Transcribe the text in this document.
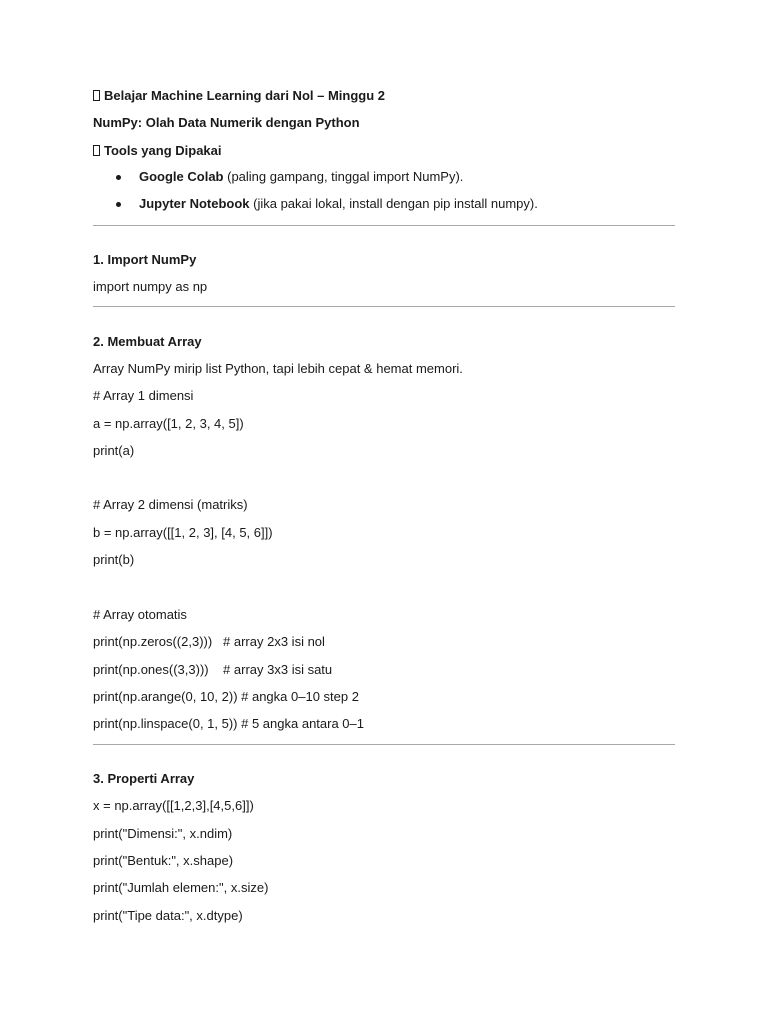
Belajar Machine Learning dari Nol – Minggu 2
NumPy: Olah Data Numerik dengan Python
Tools yang Dipakai
Google Colab (paling gampang, tinggal import NumPy).
Jupyter Notebook (jika pakai lokal, install dengan pip install numpy).
1. Import NumPy
import numpy as np
2. Membuat Array
Array NumPy mirip list Python, tapi lebih cepat & hemat memori.
# Array 1 dimensi
a = np.array([1, 2, 3, 4, 5])
print(a)
# Array 2 dimensi (matriks)
b = np.array([[1, 2, 3], [4, 5, 6]])
print(b)
# Array otomatis
print(np.zeros((2,3)))   # array 2x3 isi nol
print(np.ones((3,3)))    # array 3x3 isi satu
print(np.arange(0, 10, 2)) # angka 0–10 step 2
print(np.linspace(0, 1, 5)) # 5 angka antara 0–1
3. Properti Array
x = np.array([[1,2,3],[4,5,6]])
print("Dimensi:", x.ndim)
print("Bentuk:", x.shape)
print("Jumlah elemen:", x.size)
print("Tipe data:", x.dtype)
